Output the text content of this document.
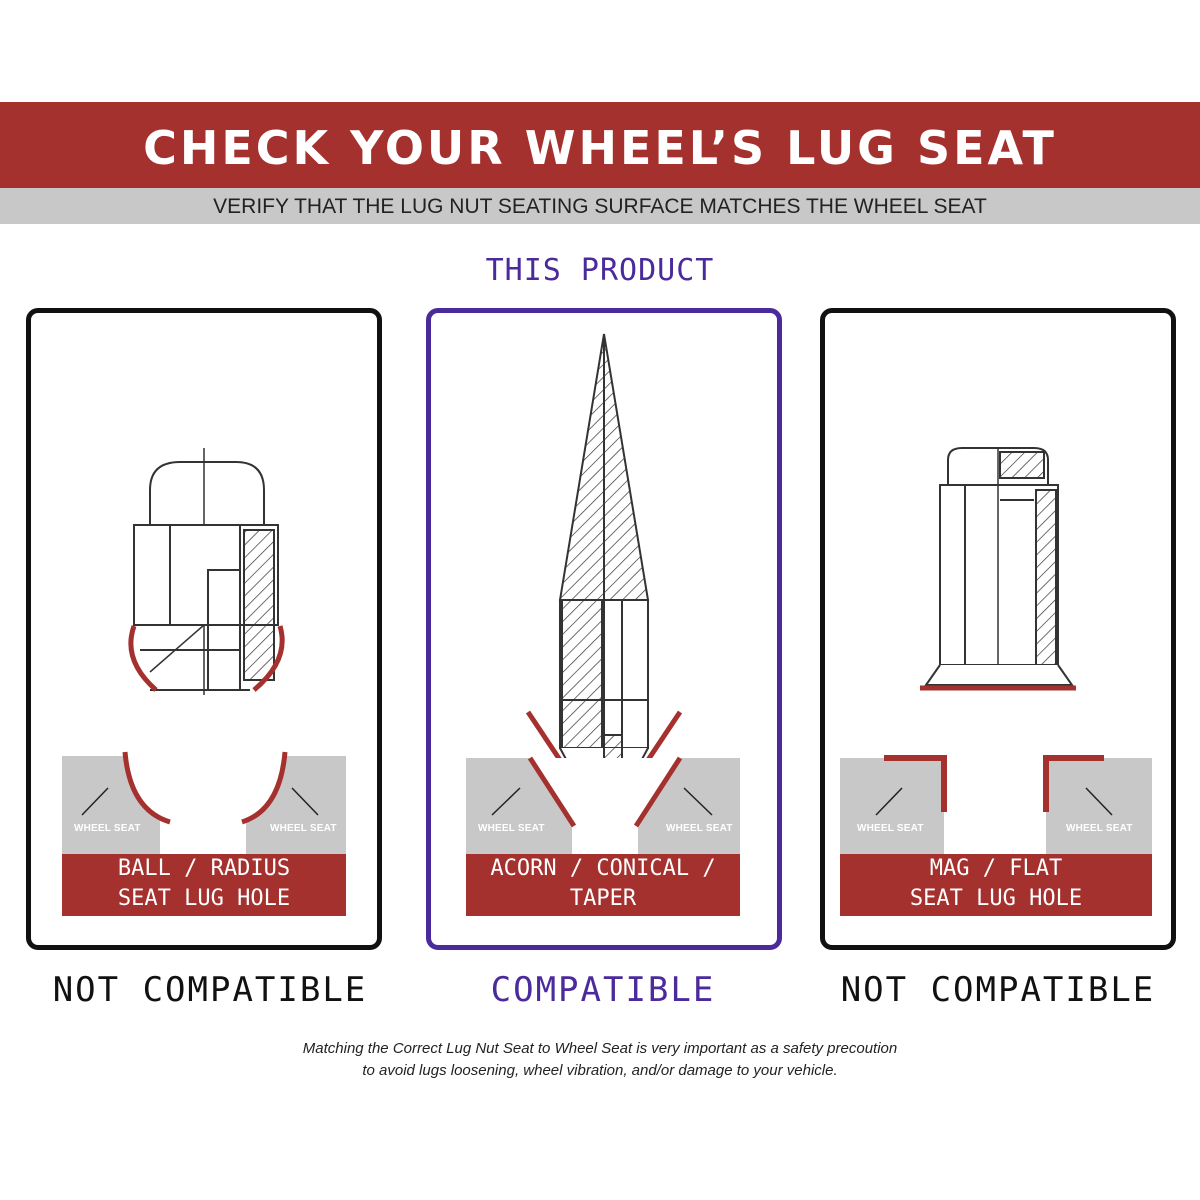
CHECK YOUR WHEEL’S LUG SEAT
VERIFY THAT THE LUG NUT SEATING SURFACE MATCHES THE WHEEL SEAT
THIS PRODUCT
WHEEL SEAT	WHEEL SEAT	WHEEL SEAT	WHEEL SEAT	WHEEL SEAT	WHEEL SEAT
BALL / RADIUS
SEAT LUG HOLE
ACORN / CONICAL / TAPER
SEAT LUG HOLE
MAG / FLAT
SEAT LUG HOLE
NOT COMPATIBLE	COMPATIBLE	NOT COMPATIBLE
Matching the Correct Lug Nut Seat to Wheel Seat is very important as a safety precoution
to avoid lugs loosening, wheel vibration, and/or damage to your vehicle.
